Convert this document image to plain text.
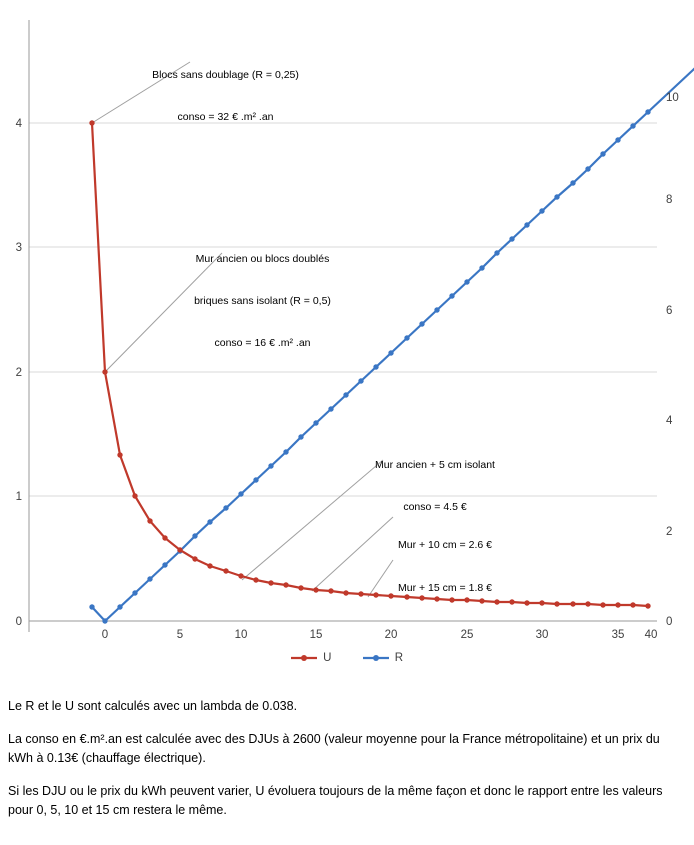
0
1
2
3
4
0
2
4
6
8
10
0	5	10	15	20	25	30	35 40

Blocs sans doublage (R = 0,25)

conso = 32 € .m² .an

Mur ancien ou blocs doublés

briques sans isolant (R = 0,5)

conso = 16 € .m² .an

Mur ancien + 5 cm isolant

conso = 4.5 €

Mur + 10 cm = 2.6 €

Mur + 15 cm = 1.8 €

U	R

Le R et le U sont calculés avec un lambda de 0.038.

La conso en €.m².an est calculée avec des DJUs à 2600 (valeur moyenne pour la France métropolitaine) et un prix du kWh à 0.13€ (chauffage électrique).

Si les DJU ou le prix du kWh peuvent varier, U évoluera toujours de la même façon et donc le rapport entre les valeurs pour 0, 5, 10 et 15 cm restera le même.
